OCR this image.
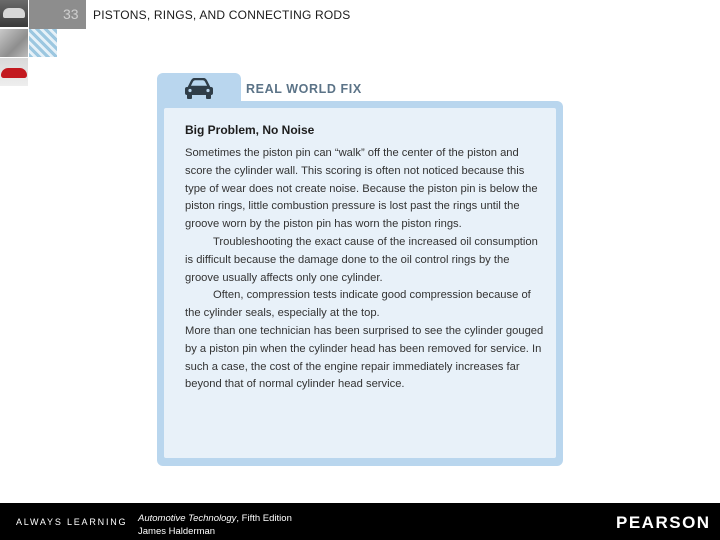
33 PISTONS, RINGS, AND CONNECTING RODS
REAL WORLD FIX
Big Problem, No Noise

Sometimes the piston pin can “walk” off the center of the piston and score the cylinder wall. This scoring is often not noticed because this type of wear does not create noise. Because the piston pin is below the piston rings, little combustion pressure is lost past the rings until the groove worn by the piston pin has worn the piston rings.

Troubleshooting the exact cause of the increased oil consumption is difficult because the damage done to the oil control rings by the groove usually affects only one cylinder.

Often, compression tests indicate good compression because of the cylinder seals, especially at the top.

More than one technician has been surprised to see the cylinder gouged by a piston pin when the cylinder head has been removed for service. In such a case, the cost of the engine repair immediately increases far beyond that of normal cylinder head service.

ALWAYS LEARNING Automotive Technology, Fifth Edition
James Halderman	PEARSON
